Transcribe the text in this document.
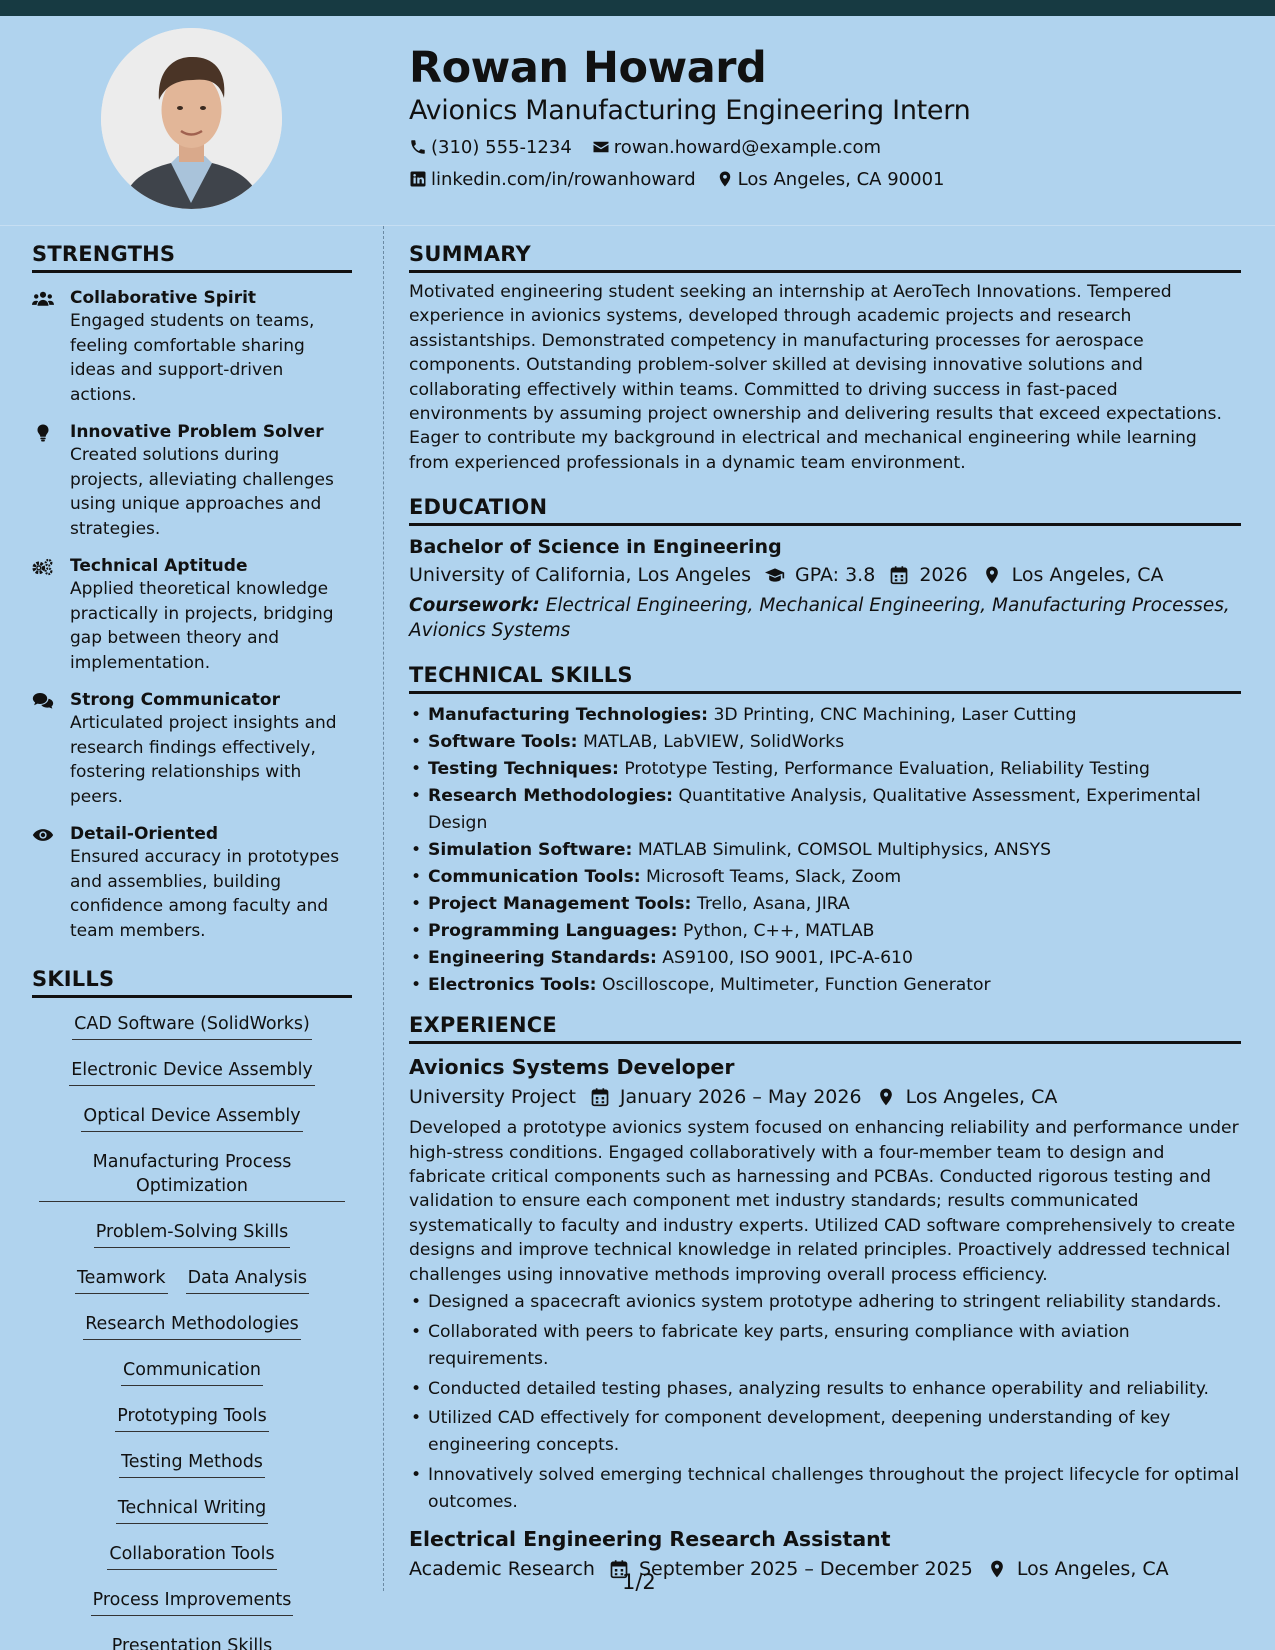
Rowan Howard
Avionics Manufacturing Engineering Intern
(310) 555-1234 rowan.howard@example.com
linkedin.com/in/rowanhoward Los Angeles, CA 90001
STRENGTHS
Collaborative Spirit
Engaged students on teams, feeling comfortable sharing ideas and support-driven actions.
Innovative Problem Solver
Created solutions during projects, alleviating challenges using unique approaches and strategies.
Technical Aptitude
Applied theoretical knowledge practically in projects, bridging gap between theory and implementation.
Strong Communicator
Articulated project insights and research findings effectively, fostering relationships with peers.
Detail-Oriented
Ensured accuracy in prototypes and assemblies, building confidence among faculty and team members.
SKILLS
CAD Software (SolidWorks)
Electronic Device Assembly
Optical Device Assembly
Manufacturing Process Optimization
Problem-Solving Skills
Teamwork Data Analysis
Research Methodologies
Communication
Prototyping Tools
Testing Methods
Technical Writing
Collaboration Tools
Process Improvements
Presentation Skills
SUMMARY
Motivated engineering student seeking an internship at AeroTech Innovations. Tempered experience in avionics systems, developed through academic projects and research assistantships. Demonstrated competency in manufacturing processes for aerospace components. Outstanding problem-solver skilled at devising innovative solutions and collaborating effectively within teams. Committed to driving success in fast-paced environments by assuming project ownership and delivering results that exceed expectations. Eager to contribute my background in electrical and mechanical engineering while learning from experienced professionals in a dynamic team environment.
EDUCATION
Bachelor of Science in Engineering
University of California, Los Angeles GPA: 3.8 2026 Los Angeles, CA
Coursework: Electrical Engineering, Mechanical Engineering, Manufacturing Processes, Avionics Systems
TECHNICAL SKILLS
• Manufacturing Technologies: 3D Printing, CNC Machining, Laser Cutting
• Software Tools: MATLAB, LabVIEW, SolidWorks
• Testing Techniques: Prototype Testing, Performance Evaluation, Reliability Testing
• Research Methodologies: Quantitative Analysis, Qualitative Assessment, Experimental Design
• Simulation Software: MATLAB Simulink, COMSOL Multiphysics, ANSYS
• Communication Tools: Microsoft Teams, Slack, Zoom
• Project Management Tools: Trello, Asana, JIRA
• Programming Languages: Python, C++, MATLAB
• Engineering Standards: AS9100, ISO 9001, IPC-A-610
• Electronics Tools: Oscilloscope, Multimeter, Function Generator
EXPERIENCE
Avionics Systems Developer
University Project January 2026 – May 2026 Los Angeles, CA
Developed a prototype avionics system focused on enhancing reliability and performance under high-stress conditions. Engaged collaboratively with a four-member team to design and fabricate critical components such as harnessing and PCBAs. Conducted rigorous testing and validation to ensure each component met industry standards; results communicated systematically to faculty and industry experts. Utilized CAD software comprehensively to create designs and improve technical knowledge in related principles. Proactively addressed technical challenges using innovative methods improving overall process efficiency.
• Designed a spacecraft avionics system prototype adhering to stringent reliability standards.
• Collaborated with peers to fabricate key parts, ensuring compliance with aviation requirements.
• Conducted detailed testing phases, analyzing results to enhance operability and reliability.
• Utilized CAD effectively for component development, deepening understanding of key engineering concepts.
• Innovatively solved emerging technical challenges throughout the project lifecycle for optimal outcomes.
Electrical Engineering Research Assistant
Academic Research September 2025 – December 2025 Los Angeles, CA
1/2
